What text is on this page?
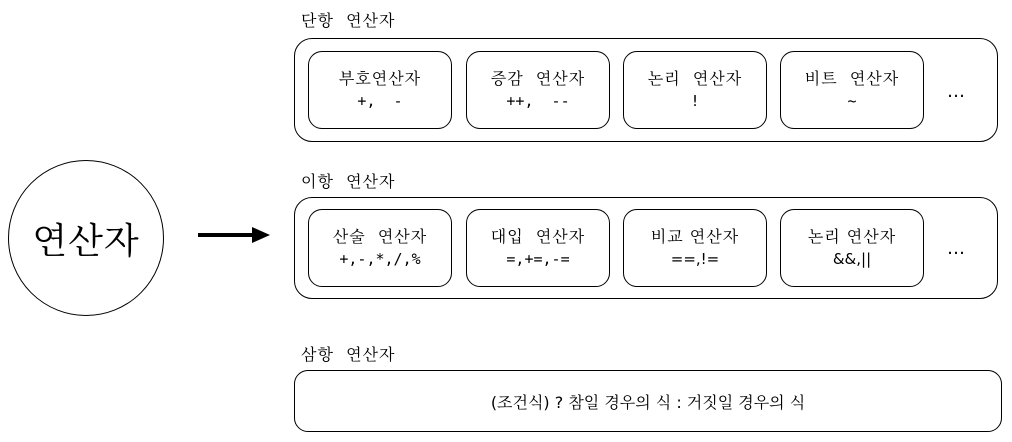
연산자
단항  연산자
부호연산자
+,  -
증감  연산자
++,  --
논리  연산자
!
비트  연산자
~	…
이항  연산자
산술  연산자
+,-,*,/,%
대입  연산자
=,+=,-=
비교 연산자
==,!=
논리 연산자
&&,||	…
삼항  연산자
(조건식) ? 참일 경우의 식 : 거짓일 경우의 식
